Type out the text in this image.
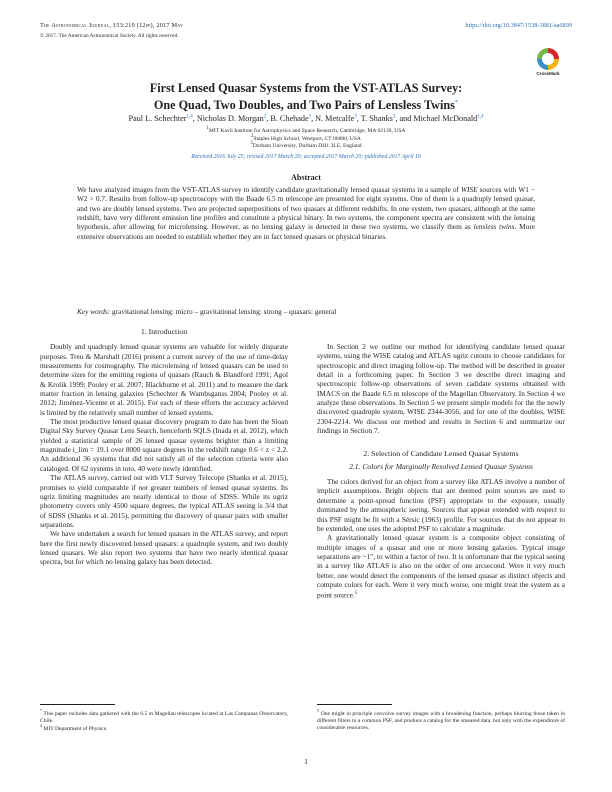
The Astronomical Journal, 153:219 (12pp), 2017 May	https://doi.org/10.3847/1538-3881/aa6899
© 2017. The American Astronomical Society. All rights reserved.
CrossMark
First Lensed Quasar Systems from the VST-ATLAS Survey:
One Quad, Two Doubles, and Two Pairs of Lensless Twins*
Paul L. Schechter$^{1,4}$, Nicholas D. Morgan$^2$, B. Chehade$^3$, N. Metcalfe$^3$, T. Shanks$^3$, and Michael McDonald$^{1,4}$
$^1$MIT Kavli Institute for Astrophysics and Space Research, Cambridge, MA 02139, USA
$^2$Staples High School, Westport, CT 06880, USA
$^3$Durham University, Durham DH1 3LE, England
Received 2016 July 25; revised 2017 March 20; accepted 2017 March 20; published 2017 April 19
Abstract
We have analyzed images from the VST-ATLAS survey to identify candidate gravitationally lensed quasar systems in a sample of WISE sources with W1 − W2 > 0.7. Results from follow-up spectroscopy with the Baade 6.5 m telescope are presented for eight systems. One of them is a quadruply lensed quasar, and two are doubly lensed systems. Two are projected superpositions of two quasars at different redshifts. In one system, two quasars, although at the same redshift, have very different emission line profiles and constitute a physical binary. In two systems, the component spectra are consistent with the lensing hypothesis, after allowing for microlensing. However, as no lensing galaxy is detected in these two systems, we classify them as lensless twins. More extensive observations are needed to establish whether they are in fact lensed quasars or physical binaries.
Key words: gravitational lensing: micro – gravitational lensing: strong – quasars: general
1. Introduction

Doubly and quadruply lensed quasar systems are valuable for widely disparate purposes. Treu & Marshall (2016) present a current survey of the use of time-delay measurements for cosmography. The microlensing of lensed quasars can be used to determine sizes for the emitting regions of quasars (Rauch & Blandford 1991; Agol & Krolik 1999; Pooley et al. 2007; Blackburne et al. 2011) and to measure the dark matter fraction in lensing galaxies (Schechter & Wambsganss 2004; Pooley et al. 2012; Jiménez-Vicente et al. 2015). For each of these efforts the accuracy achieved is limited by the relatively small number of lensed systems.

The most productive lensed quasar discovery program to date has been the Sloan Digital Sky Survey Quasar Lens Search, henceforth SQLS (Inada et al. 2012), which yielded a statistical sample of 26 lensed quasar systems brighter than a limiting magnitude i_lim = 19.1 over 8000 square degrees in the redshift range 0.6 < z < 2.2. An additional 36 systems that did not satisfy all of the selection criteria were also cataloged. Of 62 systems in toto, 40 were newly identified.

The ATLAS survey, carried out with VLT Survey Telecope (Shanks et al. 2015), promises to yield comparable if not greater numbers of lensed quasar systems. Its ugriz limiting magnitudes are nearly identical to those of SDSS. While its ugriz photometry covers only 4500 square degrees, the typical ATLAS seeing is 3/4 that of SDSS (Shanks et al. 2015), permitting the discovery of quasar pairs with smaller separations.

We have undertaken a search for lensed quasars in the ATLAS survey, and report here the first newly discovered lensed quasars: a quadruple system, and two doubly lensed quasars. We also report two systems that have two nearly identical quasar spectra, but for which no lensing galaxy has been detected.

* This paper includes data gathered with the 6.5 m Magellan telescopes located at Las Campanas Observatory, Chile.
$^4$ MIT Department of Physics.

In Section 2 we outline our method for identifying candidate lensed quasar systems, using the WISE catalog and ATLAS ugriz cutouts to choose candidates for spectroscopic and direct imaging follow-up. The method will be described in greater detail in a forthcoming paper. In Section 3 we describe direct imaging and spectroscopic follow-up observations of seven cadidate systems obtained with IMACS on the Baade 6.5 m telescope of the Magellan Observatory. In Section 4 we analyze these observations. In Section 5 we present simple models for the the newly discovered quadruple system, WISE 2344-3056, and for one of the doubles, WISE 2304-2214. We discuss our method and results in Section 6 and summarize our findings in Section 7.

2. Selection of Candidate Lensed Quasar Systems
2.1. Colors for Marginally Resolved Lensed Quasar Systems

The colors derived for an object from a survey like ATLAS involve a number of implicit assumptions. Bright objects that are deemed point sources are used to determine a point-spread function (PSF) appropriate to the exposure, usually dominated by the atmospheric seeing. Sources that appear extended with respect to this PSF might be fit with a Sérsic (1963) profile. For sources that do not appear to be extended, one uses the adopted PSF to calculate a magnitude.

A gravitationally lensed quasar system is a composite object consisting of multiple images of a quasar and one or more lensing galaxies. Typical image separations are ~1″, to within a factor of two. It is unfortunate that the typical seeing in a survey like ATLAS is also on the order of one arcsecond. Were it very much better, one would detect the components of the lensed quasar as distinct objects and compute colors for each. Were it very much worse, one might treat the system as a point source.$^5$

$^5$ One might in principle convolve survey images with a broadening function, perhaps blurring those taken in different filters to a common PSF, and produce a catalog for the smeared data, but only with the expenditure of considerable resources.
1
